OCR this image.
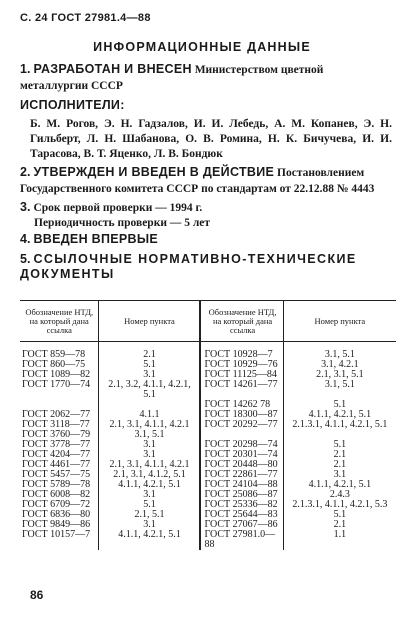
С. 24 ГОСТ 27981.4—88
ИНФОРМАЦИОННЫЕ ДАННЫЕ
1. РАЗРАБОТАН И ВНЕСЕН Министерством цветной металлургии СССР
ИСПОЛНИТЕЛИ:
Б. М. Рогов, Э. Н. Гадзалов, И. И. Лебедь, А. М. Копанев, Э. Н. Гильберт, Л. Н. Шабанова, О. В. Ромина, Н. К. Бичучева, И. И. Тарасова, В. Т. Яценко, Л. В. Бондюк
2. УТВЕРЖДЕН И ВВЕДЕН В ДЕЙСТВИЕ Постановлением Государственного комитета СССР по стандартам от 22.12.88 № 4443
3. Срок первой проверки — 1994 г.
Периодичность проверки — 5 лет
4. ВВЕДЕН ВПЕРВЫЕ
5. ССЫЛОЧНЫЕ НОРМАТИВНО-ТЕХНИЧЕСКИЕ ДОКУМЕНТЫ
Обозначение НТД, на который дана ссылка	Номер пункта	Обозначение НТД, на который дана ссылка	Номер пункта
ГОСТ 859—78	2.1	ГОСТ 10928—7	3.1, 5.1
ГОСТ 860—75	5.1	ГОСТ 10929—76	3.1, 4.2.1
ГОСТ 1089—82	3.1	ГОСТ 11125—84	2.1, 3.1, 5.1
ГОСТ 1770—74	2.1, 3.2, 4.1.1, 4.2.1, 5.1	ГОСТ 14261—77	3.1, 5.1
		ГОСТ 14262 78	5.1
ГОСТ 2062—77	4.1.1	ГОСТ 18300—87	4.1.1, 4.2.1, 5.1
ГОСТ 3118—77	2.1, 3.1, 4.1.1, 4.2.1	ГОСТ 20292—77	2.1.3.1, 4.1.1, 4.2.1, 5.1
ГОСТ 3760—79	3.1, 5.1		
ГОСТ 3778—77	3.1	ГОСТ 20298—74	5.1
ГОСТ 4204—77	3.1	ГОСТ 20301—74	2.1
ГОСТ 4461—77	2.1, 3.1, 4.1.1, 4.2.1	ГОСТ 20448—80	2.1
ГОСТ 5457—75	2.1, 3.1, 4.1.2, 5.1	ГОСТ 22861—77	3.1
ГОСТ 5789—78	4.1.1, 4.2.1, 5.1	ГОСТ 24104—88	4.1.1, 4.2.1, 5.1
ГОСТ 6008—82	3.1	ГОСТ 25086—87	2.4.3
ГОСТ 6709—72	5.1	ГОСТ 25336—82	2.1.3.1, 4.1.1, 4.2.1, 5.3
ГОСТ 6836—80	2.1, 5.1	ГОСТ 25644—83	5.1
ГОСТ 9849—86	3.1	ГОСТ 27067—86	2.1
ГОСТ 10157—7	4.1.1, 4.2.1, 5.1	ГОСТ 27981.0—88	1.1
86
